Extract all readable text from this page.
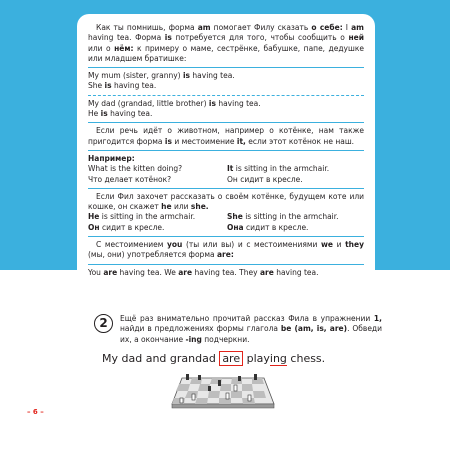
Как ты помнишь, форма am помогает Филу сказать о себе: I am having tea. Форма is потребуется для того, чтобы сообщить о ней или о нём: к примеру о маме, сестрёнке, бабушке, папе, дедушке или младшем братишке:

My mum (sister, granny) is having tea.
She is having tea.
My dad (grandad, little brother) is having tea.
He is having tea.

Если речь идёт о животном, например о котёнке, нам также пригодится форма is и местоимение it, если этот котёнок не наш.

Например:
What is the kitten doing?
Что делает котёнок?
It is sitting in the armchair.
Он сидит в кресле.

Если Фил захочет рассказать о своём котёнке, будущем коте или кошке, он скажет he или she.

He is sitting in the armchair.
Он сидит в кресле.
She is sitting in the armchair.
Она сидит в кресле.

С местоимением you (ты или вы) и с местоимениями we и they (мы, они) употребляется форма are:

You are having tea. We are having tea. They are having tea.
2	Ещё раз внимательно прочитай рассказ Фила в упражнении 1, найди в предложениях формы глагола be (am, is, are). Обведи их, а окончание -ing подчеркни.
My dad and grandad are playing chess.
– 6 –
